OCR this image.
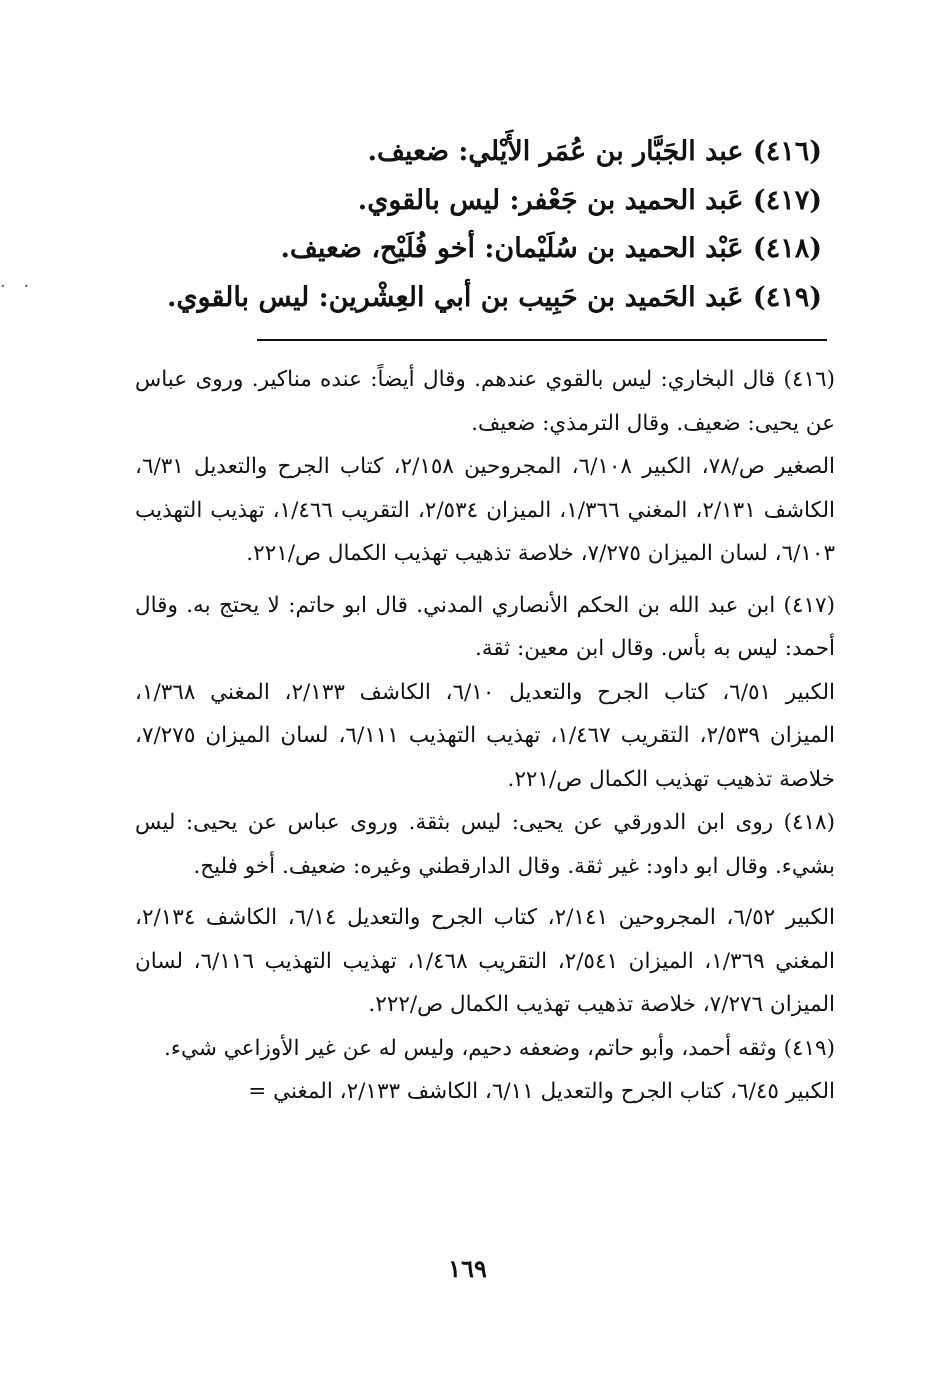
· ·
(٤١٦) عبد الجَبَّار بن عُمَر الأَيْلي: ضعيف.
(٤١٧) عَبد الحميد بن جَعْفر: ليس بالقوي.
(٤١٨) عَبْد الحميد بن سُلَيْمان: أخو فُلَيْح، ضعيف.
(٤١٩) عَبد الحَميد بن حَبِيب بن أبي العِشْرين: ليس بالقوي.

(٤١٦) قال البخاري: ليس بالقوي عندهم. وقال أيضاً: عنده مناكير. وروى عباس عن يحيى: ضعيف. وقال الترمذي: ضعيف.

الصغير ص/٧٨، الكبير ٦/١٠٨، المجروحين ٢/١٥٨، كتاب الجرح والتعديل ٦/٣١، الكاشف ٢/١٣١، المغني ١/٣٦٦، الميزان ٢/٥٣٤، التقريب ١/٤٦٦، تهذيب التهذيب ٦/١٠٣، لسان الميزان ٧/٢٧٥، خلاصة تذهيب تهذيب الكمال ص/٢٢١.

(٤١٧) ابن عبد الله بن الحكم الأنصاري المدني. قال ابو حاتم: لا يحتج به. وقال أحمد: ليس به بأس. وقال ابن معين: ثقة.

الكبير ٦/٥١، كتاب الجرح والتعديل ٦/١٠، الكاشف ٢/١٣٣، المغني ١/٣٦٨، الميزان ٢/٥٣٩، التقريب ١/٤٦٧، تهذيب التهذيب ٦/١١١، لسان الميزان ٧/٢٧٥، خلاصة تذهيب تهذيب الكمال ص/٢٢١.

(٤١٨) روى ابن الدورقي عن يحيى: ليس بثقة. وروى عباس عن يحيى: ليس بشيء. وقال ابو داود: غير ثقة. وقال الدارقطني وغيره: ضعيف. أخو فليح.

الكبير ٦/٥٢، المجروحين ٢/١٤١، كتاب الجرح والتعديل ٦/١٤، الكاشف ٢/١٣٤، المغني ١/٣٦٩، الميزان ٢/٥٤١، التقريب ١/٤٦٨، تهذيب التهذيب ٦/١١٦، لسان الميزان ٧/٢٧٦، خلاصة تذهيب تهذيب الكمال ص/٢٢٢.

(٤١٩) وثقه أحمد، وأبو حاتم، وضعفه دحيم، وليس له عن غير الأوزاعي شيء.

الكبير ٦/٤٥، كتاب الجرح والتعديل ٦/١١، الكاشف ٢/١٣٣، المغني =

١٦٩
